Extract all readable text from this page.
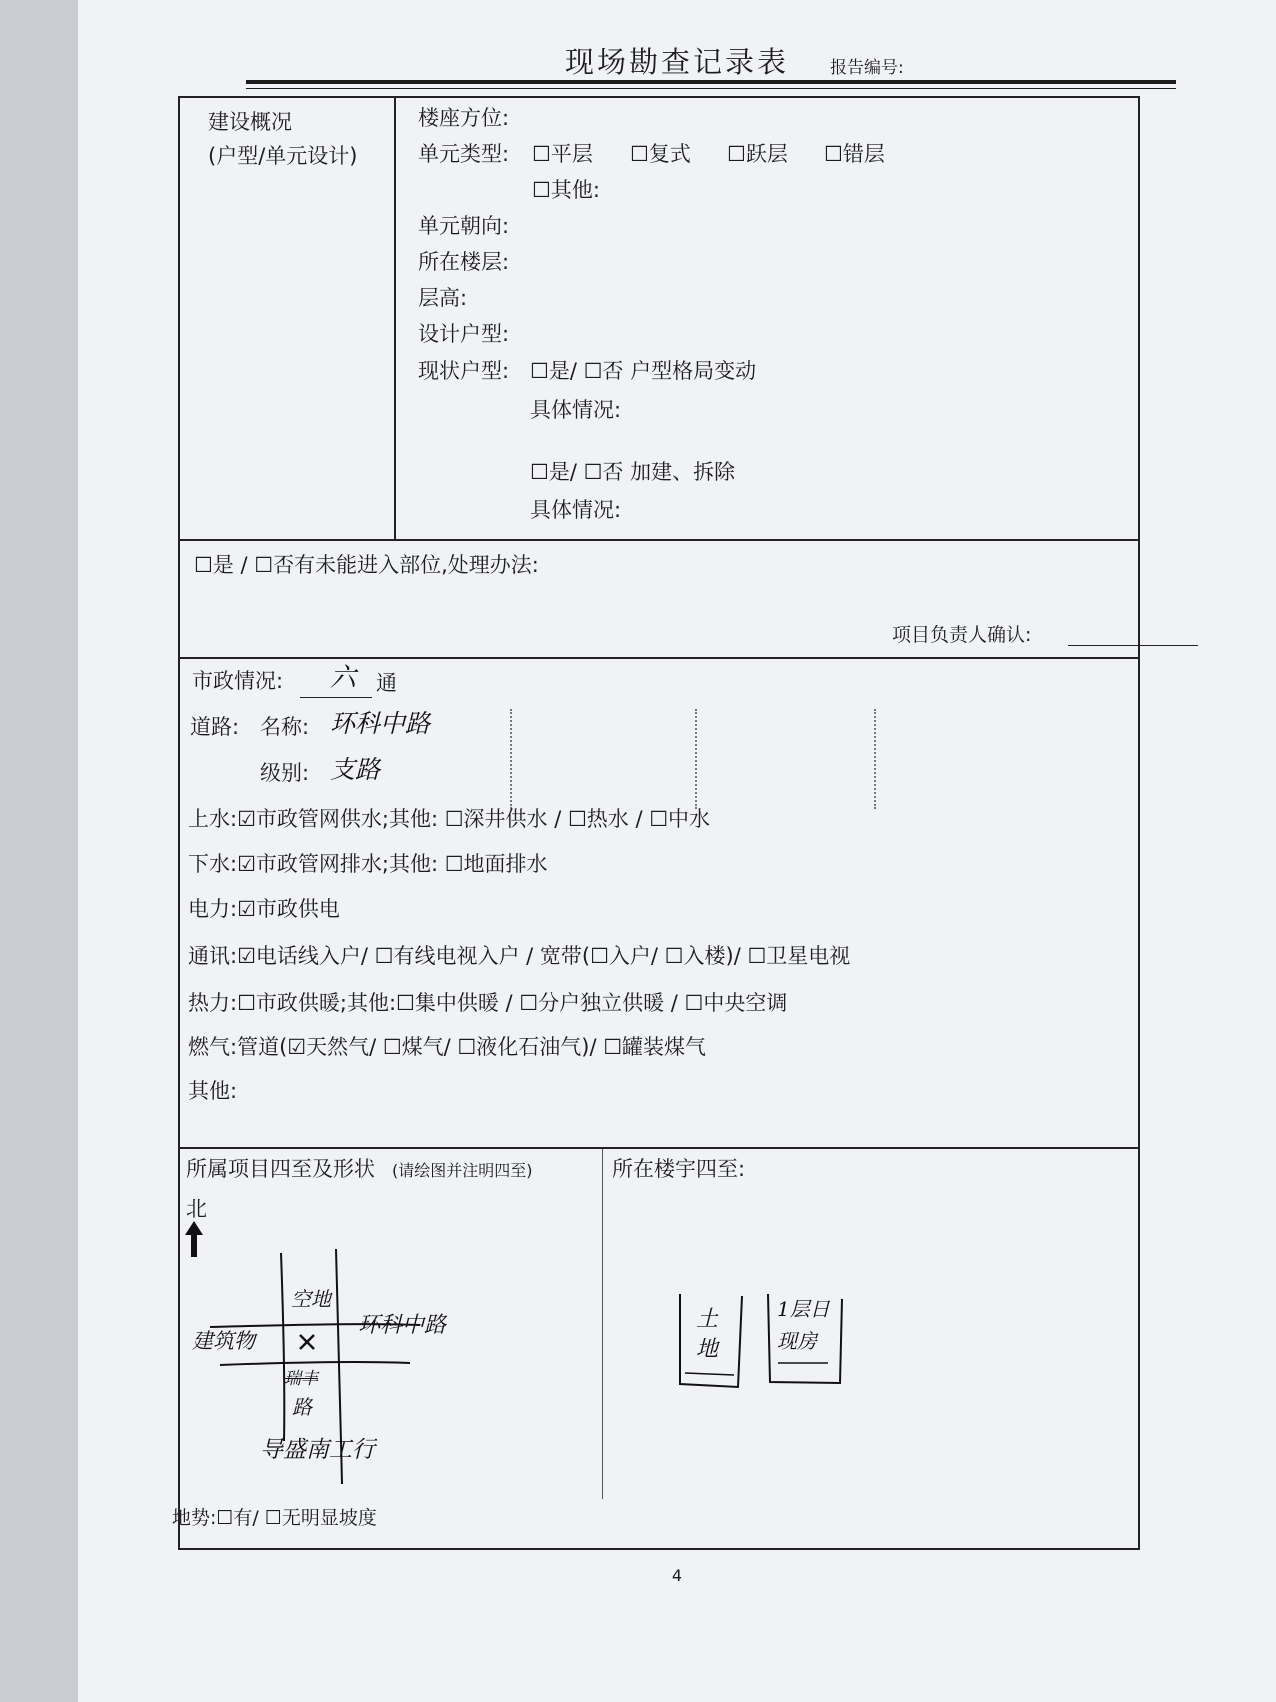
现场勘查记录表	报告编号:
建设概况
(户型/单元设计)
楼座方位:
单元类型: ☐平层 ☐复式 ☐跃层 ☐错层
☐其他:
单元朝向:
所在楼层:
层高:
设计户型:
现状户型: ☐是/ ☐否 户型格局变动
具体情况:
☐是/ ☐否 加建、拆除
具体情况:
☐是 / ☐否有未能进入部位,处理办法:
项目负责人确认:
市政情况: 六 通
道路: 名称: 环科中路
级别: 支路
上水:☑市政管网供水;其他: ☐深井供水 / ☐热水 / ☐中水
下水:☑市政管网排水;其他: ☐地面排水
电力:☑市政供电
通讯:☑电话线入户/ ☐有线电视入户 / 宽带(☐入户/ ☐入楼)/ ☐卫星电视
热力:☐市政供暖;其他:☐集中供暖 / ☐分户独立供暖 / ☐中央空调
燃气:管道(☑天然气/ ☐煤气/ ☐液化石油气)/ ☐罐装煤气
其他:
所属项目四至及形状 (请绘图并注明四至)	所在楼宇四至:
北
空地
建筑物
环科中路
瑞丰
路
导盛南工行
土
地
1层日
现房
地势:☐有/ ☐无明显坡度
4
